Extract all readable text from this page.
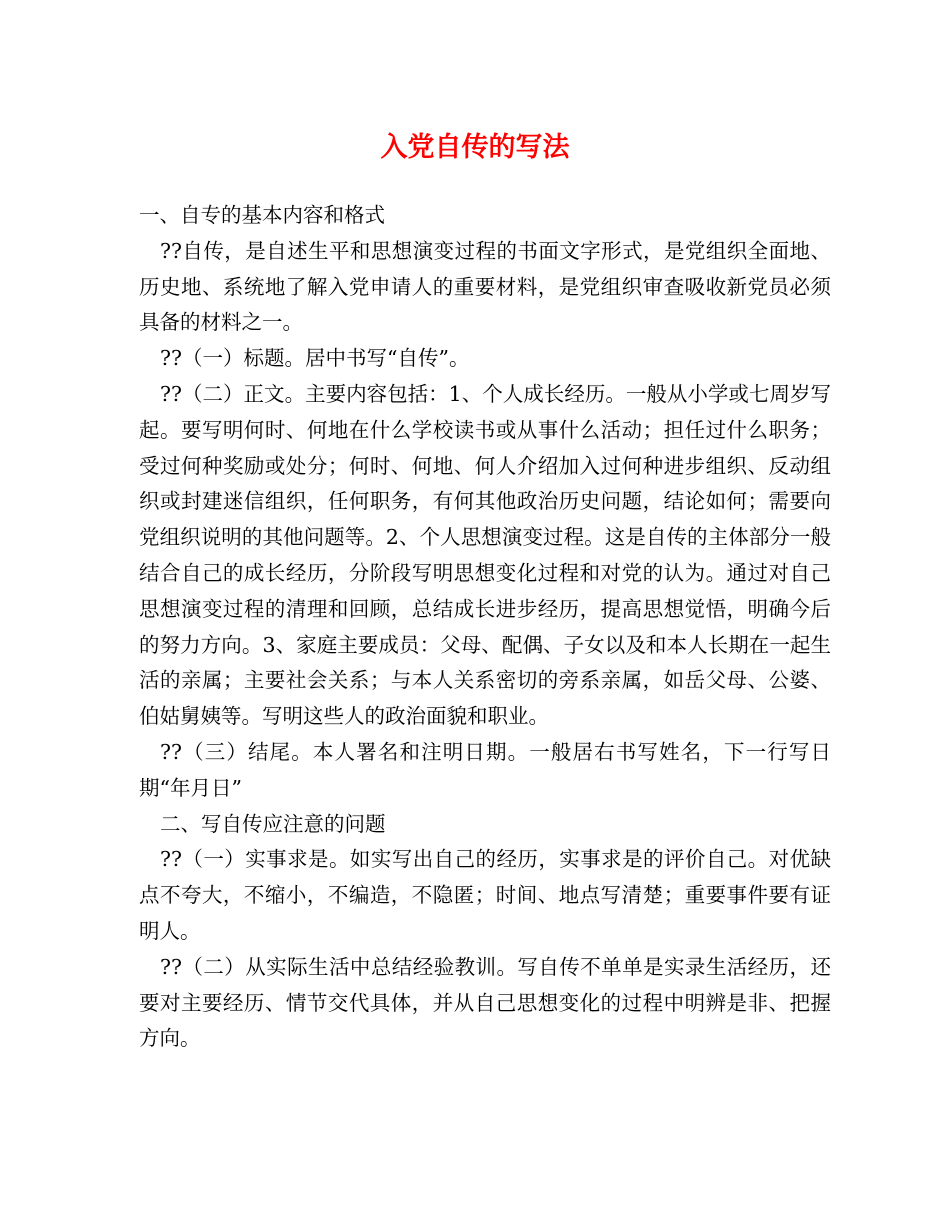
入党自传的写法

一、自专的基本内容和格式

??自传，是自述生平和思想演变过程的书面文字形式，是党组织全面地、历史地、系统地了解入党申请人的重要材料，是党组织审查吸收新党员必须具备的材料之一。

??（一）标题。居中书写“自传”。

??（二）正文。主要内容包括：1、个人成长经历。一般从小学或七周岁写起。要写明何时、何地在什么学校读书或从事什么活动；担任过什么职务；受过何种奖励或处分；何时、何地、何人介绍加入过何种进步组织、反动组织或封建迷信组织，任何职务，有何其他政治历史问题，结论如何；需要向党组织说明的其他问题等。2、个人思想演变过程。这是自传的主体部分一般结合自己的成长经历，分阶段写明思想变化过程和对党的认为。通过对自己思想演变过程的清理和回顾，总结成长进步经历，提高思想觉悟，明确今后的努力方向。3、家庭主要成员：父母、配偶、子女以及和本人长期在一起生活的亲属；主要社会关系；与本人关系密切的旁系亲属，如岳父母、公婆、伯姑舅姨等。写明这些人的政治面貌和职业。

??（三）结尾。本人署名和注明日期。一般居右书写姓名，下一行写日期“年月日”

二、写自传应注意的问题

??（一）实事求是。如实写出自己的经历，实事求是的评价自己。对优缺点不夸大，不缩小，不编造，不隐匿；时间、地点写清楚；重要事件要有证明人。

??（二）从实际生活中总结经验教训。写自传不单单是实录生活经历，还要对主要经历、情节交代具体，并从自己思想变化的过程中明辨是非、把握方向。
